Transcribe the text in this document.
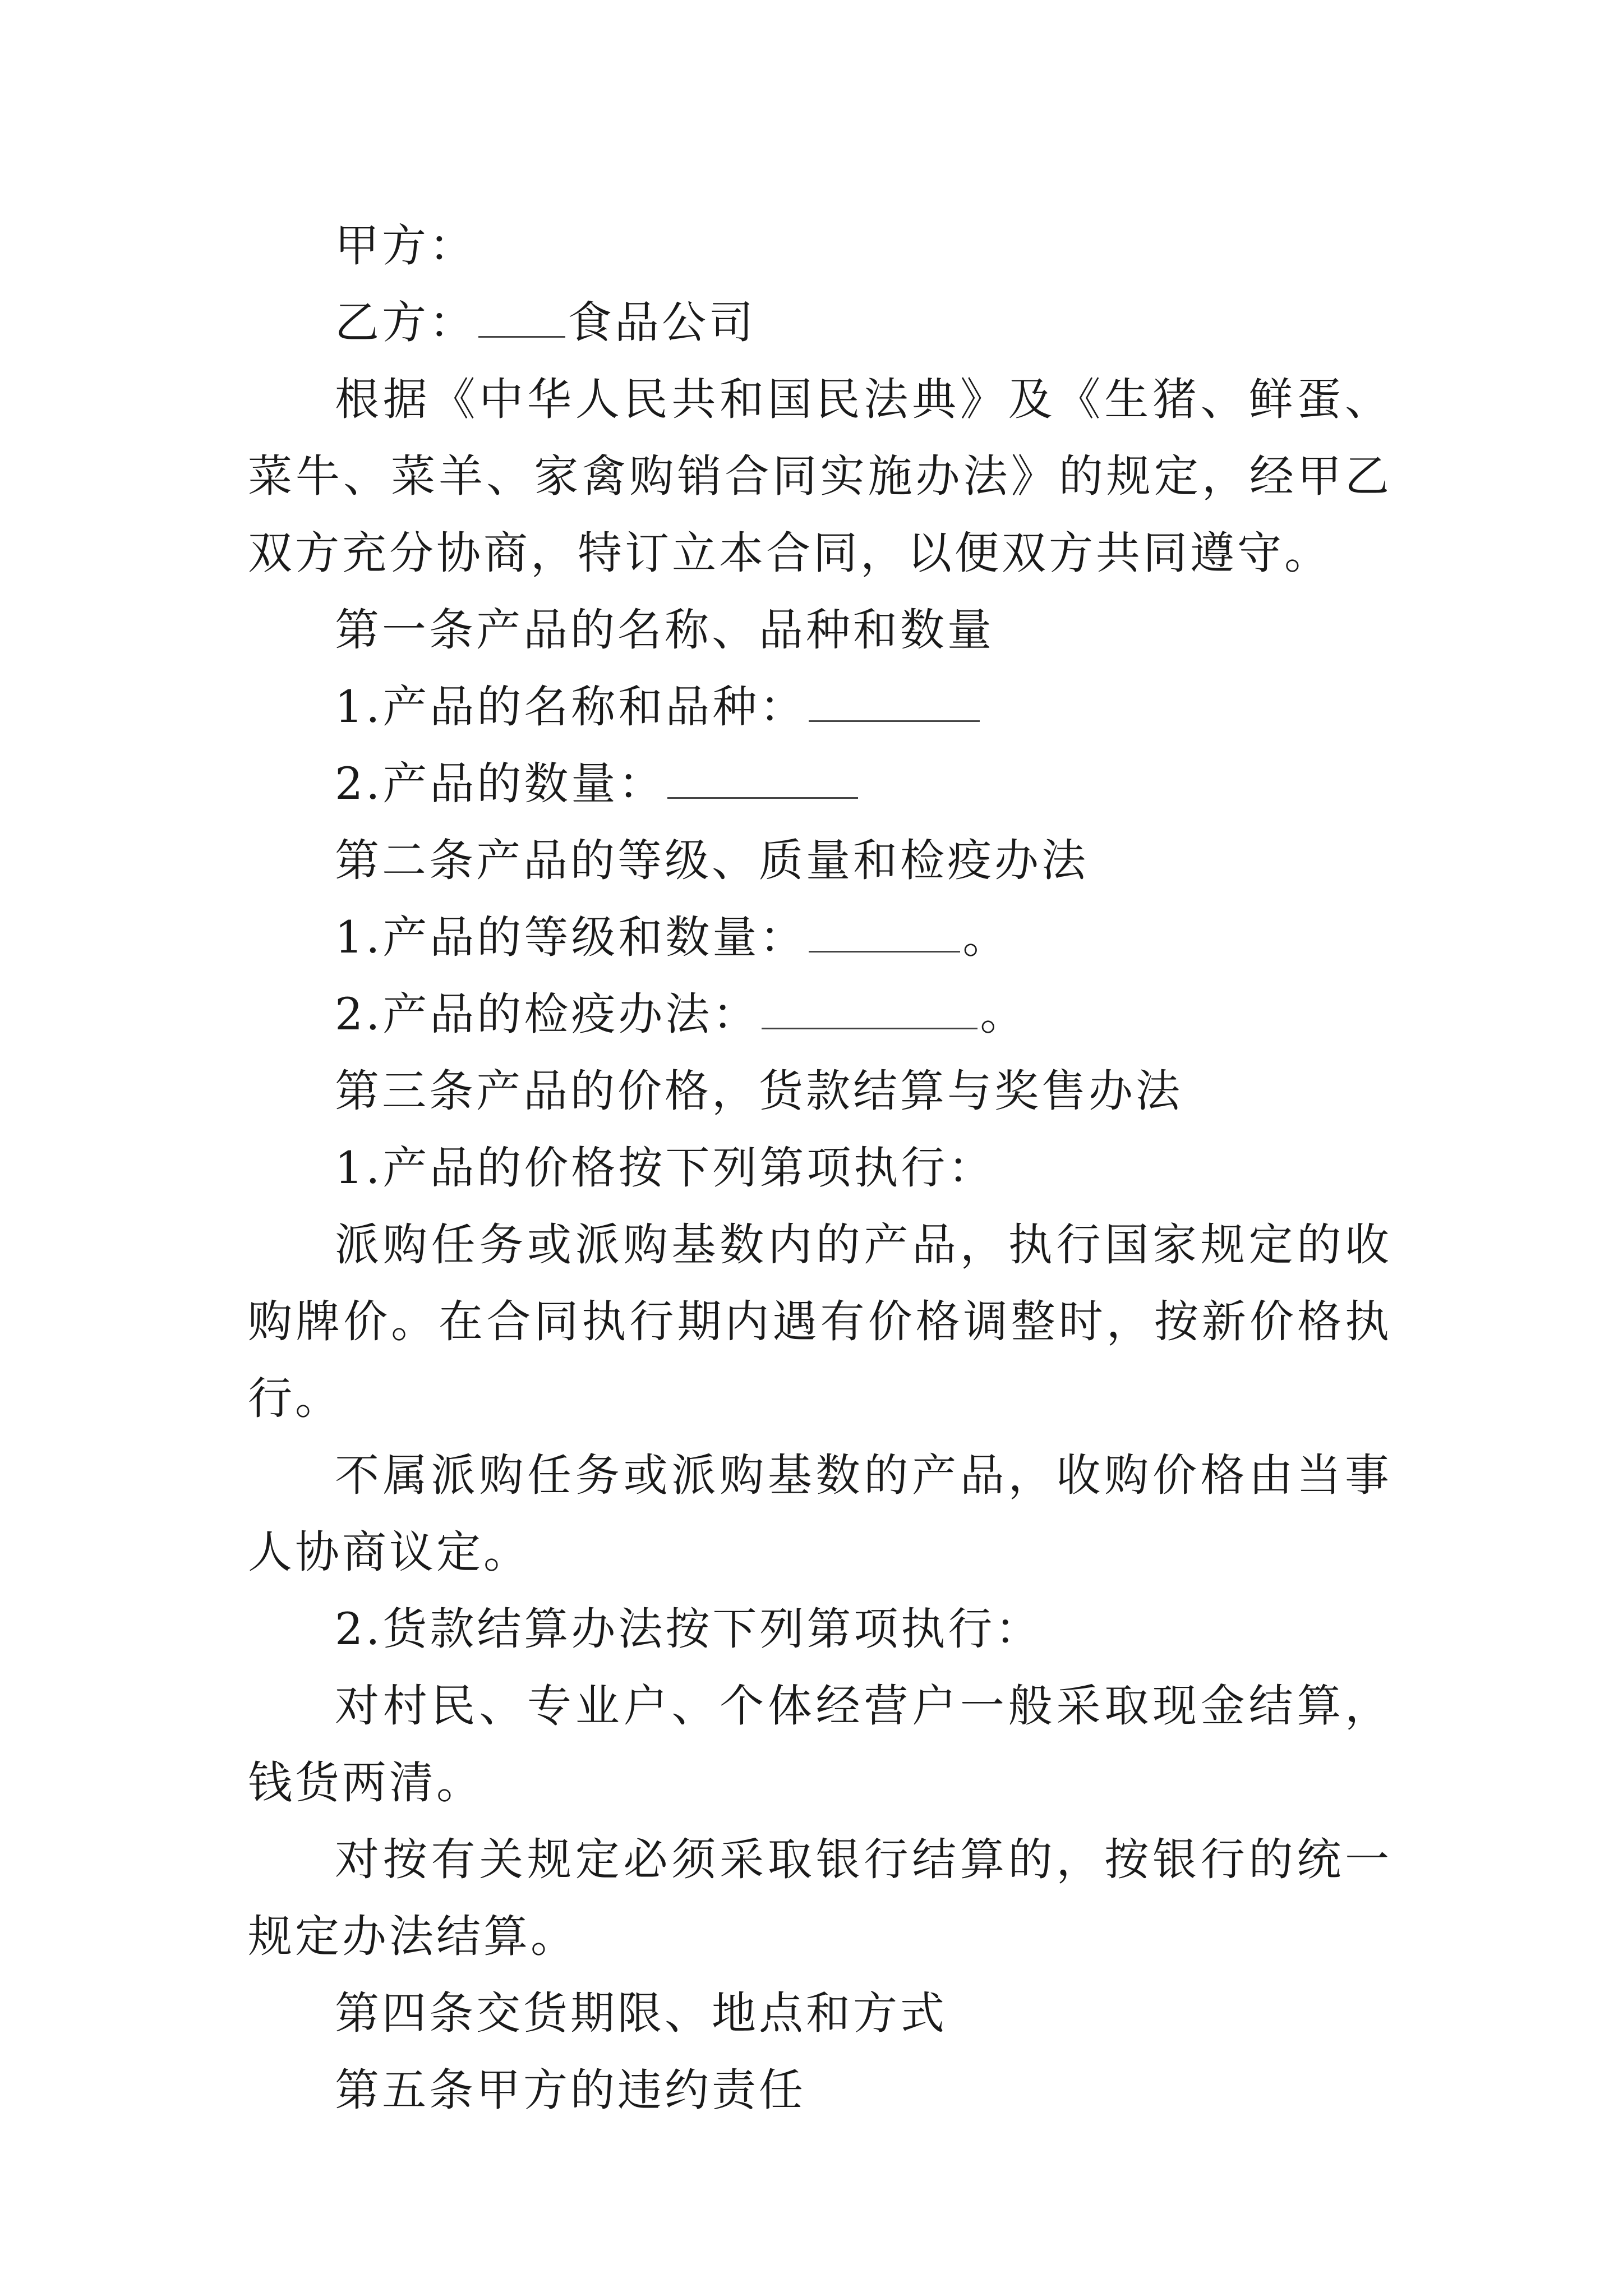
甲方：

乙方： 食品公司

根据《中华人民共和国民法典》及《生猪、鲜蛋、菜牛、菜羊、家禽购销合同实施办法》的规定，经甲乙双方充分协商，特订立本合同，以便双方共同遵守。

第一条产品的名称、品种和数量

1.产品的名称和品种：

2.产品的数量：

第二条产品的等级、质量和检疫办法

1.产品的等级和数量：	。

2.产品的检疫办法：	。

第三条产品的价格，货款结算与奖售办法

1.产品的价格按下列第项执行：

派购任务或派购基数内的产品，执行国家规定的收购牌价。在合同执行期内遇有价格调整时，按新价格执行。

不属派购任务或派购基数的产品，收购价格由当事人协商议定。

2.货款结算办法按下列第项执行：

对村民、专业户、个体经营户一般采取现金结算，钱货两清。

对按有关规定必须采取银行结算的，按银行的统一规定办法结算。

第四条交货期限、地点和方式

第五条甲方的违约责任
